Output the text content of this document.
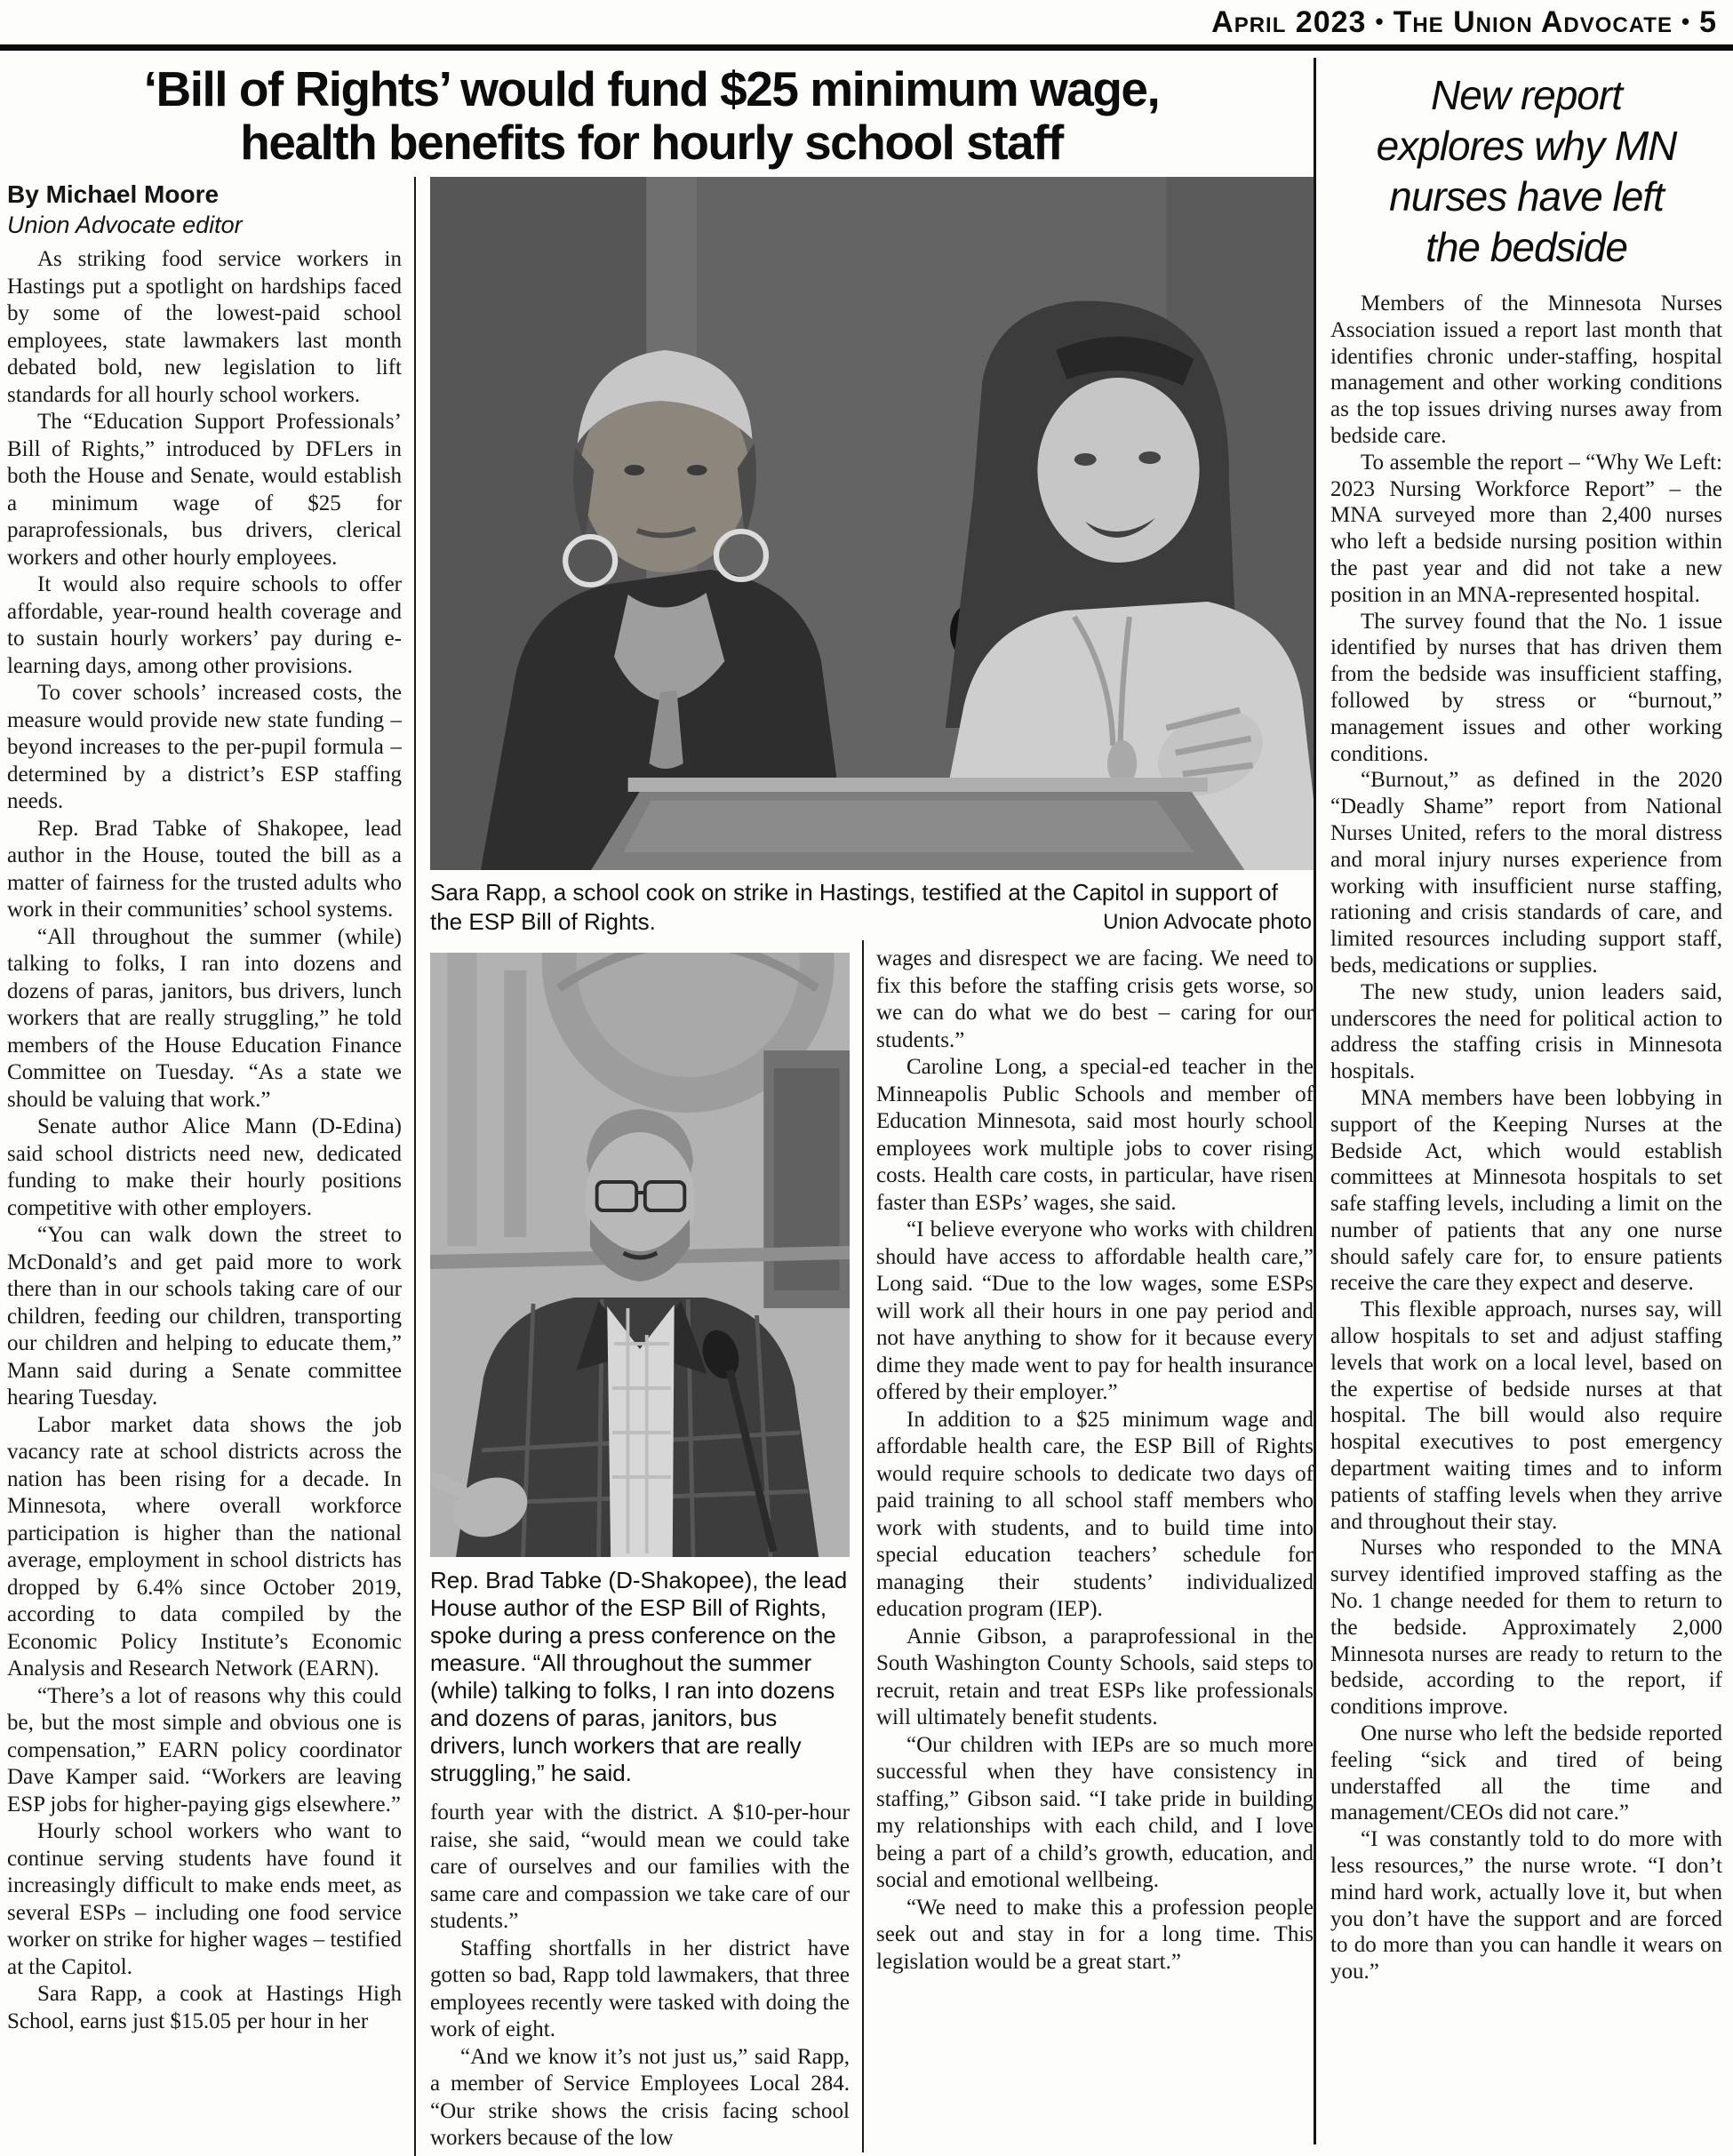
April 2023 • The Union Advocate • 5
‘Bill of Rights’ would fund $25 minimum wage,
health benefits for hourly school staff
By Michael Moore
Union Advocate editor

As striking food service workers in Hastings put a spotlight on hardships faced by some of the lowest-paid school employees, state lawmakers last month debated bold, new legislation to lift standards for all hourly school workers.

The “Education Support Professionals’ Bill of Rights,” introduced by DFLers in both the House and Senate, would establish a minimum wage of $25 for paraprofessionals, bus drivers, clerical workers and other hourly employees.

It would also require schools to offer affordable, year-round health coverage and to sustain hourly workers’ pay during e-learning days, among other provisions.

To cover schools’ increased costs, the measure would provide new state funding – beyond increases to the per-pupil formula – determined by a district’s ESP staffing needs.

Rep. Brad Tabke of Shakopee, lead author in the House, touted the bill as a matter of fairness for the trusted adults who work in their communities’ school systems.

“All throughout the summer (while) talking to folks, I ran into dozens and dozens of paras, janitors, bus drivers, lunch workers that are really struggling,” he told members of the House Education Finance Committee on Tuesday. “As a state we should be valuing that work.”

Senate author Alice Mann (D-Edina) said school districts need new, dedicated funding to make their hourly positions competitive with other employers.

“You can walk down the street to McDonald’s and get paid more to work there than in our schools taking care of our children, feeding our children, transporting our children and helping to educate them,” Mann said during a Senate committee hearing Tuesday.

Labor market data shows the job vacancy rate at school districts across the nation has been rising for a decade. In Minnesota, where overall workforce participation is higher than the national average, employment in school districts has dropped by 6.4% since October 2019, according to data compiled by the Economic Policy Institute’s Economic Analysis and Research Network (EARN).

“There’s a lot of reasons why this could be, but the most simple and obvious one is compensation,” EARN policy coordinator Dave Kamper said. “Workers are leaving ESP jobs for higher-paying gigs elsewhere.”

Hourly school workers who want to continue serving students have found it increasingly difficult to make ends meet, as several ESPs – including one food service worker on strike for higher wages – testified at the Capitol.

Sara Rapp, a cook at Hastings High School, earns just $15.05 per hour in her

Sara Rapp, a school cook on strike in Hastings, testified at the Capitol in support of the ESP Bill of Rights.	Union Advocate photo
Rep. Brad Tabke (D-Shakopee), the lead House author of the ESP Bill of Rights, spoke during a press conference on the measure. “All throughout the summer (while) talking to folks, I ran into dozens and dozens of paras, janitors, bus drivers, lunch workers that are really struggling,” he said.

fourth year with the district. A $10-per-hour raise, she said, “would mean we could take care of ourselves and our families with the same care and compassion we take care of our students.”

Staffing shortfalls in her district have gotten so bad, Rapp told lawmakers, that three employees recently were tasked with doing the work of eight.

“And we know it’s not just us,” said Rapp, a member of Service Employees Local 284. “Our strike shows the crisis facing school workers because of the low

wages and disrespect we are facing. We need to fix this before the staffing crisis gets worse, so we can do what we do best – caring for our students.”

Caroline Long, a special-ed teacher in the Minneapolis Public Schools and member of Education Minnesota, said most hourly school employees work multiple jobs to cover rising costs. Health care costs, in particular, have risen faster than ESPs’ wages, she said.

“I believe everyone who works with children should have access to affordable health care,” Long said. “Due to the low wages, some ESPs will work all their hours in one pay period and not have anything to show for it because every dime they made went to pay for health insurance offered by their employer.”

In addition to a $25 minimum wage and affordable health care, the ESP Bill of Rights would require schools to dedicate two days of paid training to all school staff members who work with students, and to build time into special education teachers’ schedule for managing their students’ individualized education program (IEP).

Annie Gibson, a paraprofessional in the South Washington County Schools, said steps to recruit, retain and treat ESPs like professionals will ultimately benefit students.

“Our children with IEPs are so much more successful when they have consistency in staffing,” Gibson said. “I take pride in building my relationships with each child, and I love being a part of a child’s growth, education, and social and emotional wellbeing.

“We need to make this a profession people seek out and stay in for a long time. This legislation would be a great start.”

New report explores why MN nurses have left the bedside

Members of the Minnesota Nurses Association issued a report last month that identifies chronic under-staffing, hospital management and other working conditions as the top issues driving nurses away from bedside care.

To assemble the report – “Why We Left: 2023 Nursing Workforce Report” – the MNA surveyed more than 2,400 nurses who left a bedside nursing position within the past year and did not take a new position in an MNA-represented hospital.

The survey found that the No. 1 issue identified by nurses that has driven them from the bedside was insufficient staffing, followed by stress or “burnout,” management issues and other working conditions.

“Burnout,” as defined in the 2020 “Deadly Shame” report from National Nurses United, refers to the moral distress and moral injury nurses experience from working with insufficient nurse staffing, rationing and crisis standards of care, and limited resources including support staff, beds, medications or supplies.

The new study, union leaders said, underscores the need for political action to address the staffing crisis in Minnesota hospitals.

MNA members have been lobbying in support of the Keeping Nurses at the Bedside Act, which would establish committees at Minnesota hospitals to set safe staffing levels, including a limit on the number of patients that any one nurse should safely care for, to ensure patients receive the care they expect and deserve.

This flexible approach, nurses say, will allow hospitals to set and adjust staffing levels that work on a local level, based on the expertise of bedside nurses at that hospital. The bill would also require hospital executives to post emergency department waiting times and to inform patients of staffing levels when they arrive and throughout their stay.

Nurses who responded to the MNA survey identified improved staffing as the No. 1 change needed for them to return to the bedside. Approximately 2,000 Minnesota nurses are ready to return to the bedside, according to the report, if conditions improve.

One nurse who left the bedside reported feeling “sick and tired of being understaffed all the time and management/CEOs did not care.”

“I was constantly told to do more with less resources,” the nurse wrote. “I don’t mind hard work, actually love it, but when you don’t have the support and are forced to do more than you can handle it wears on you.”
